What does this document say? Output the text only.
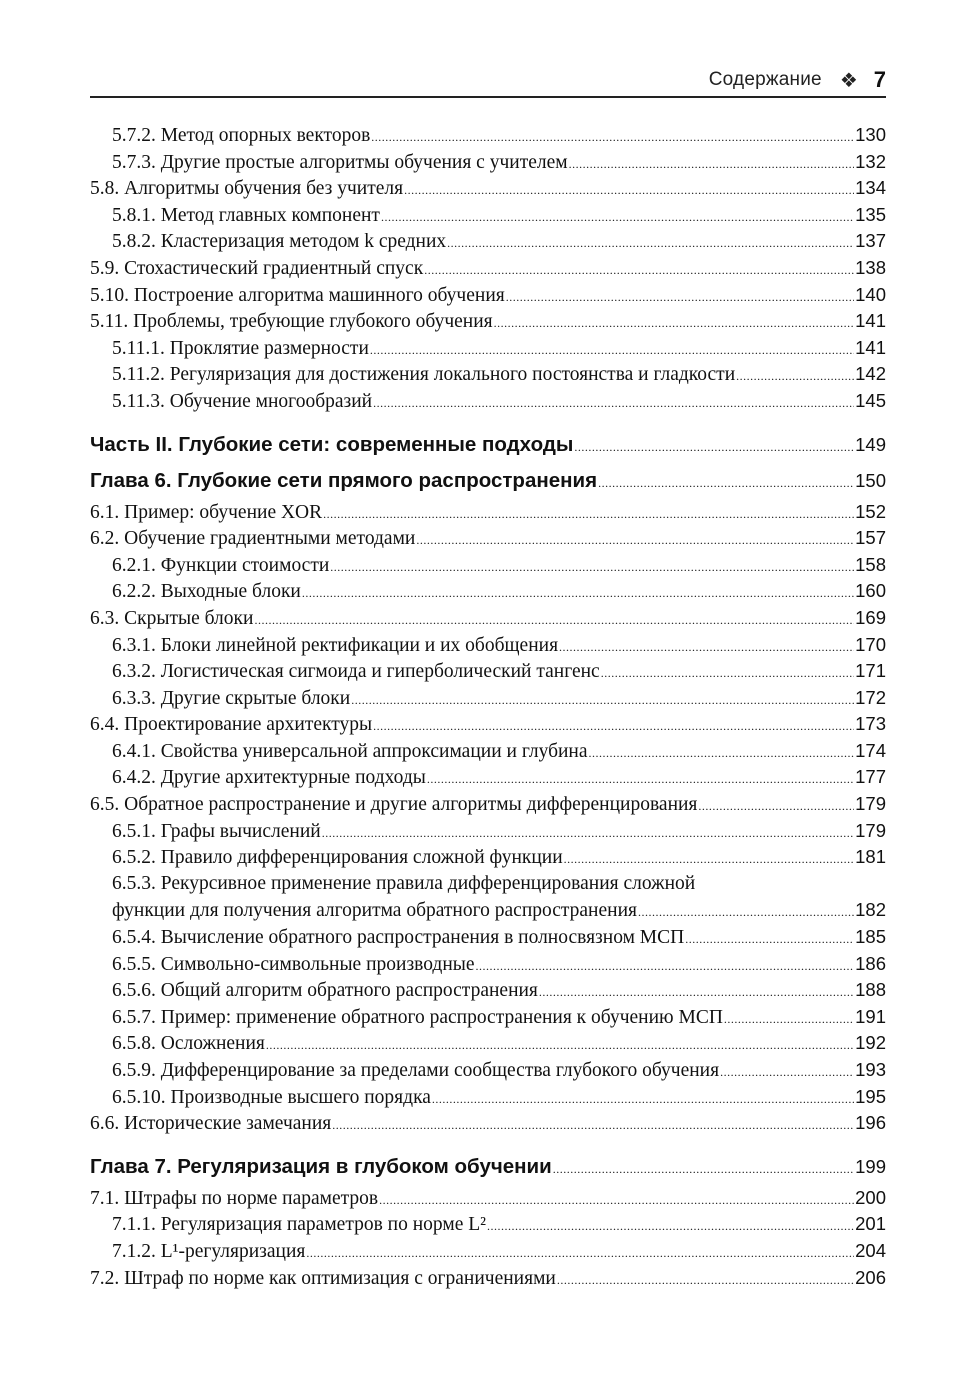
Содержание ❖ 7
5.7.2. Метод опорных векторов .....	130
5.7.3. Другие простые алгоритмы обучения с учителем .....	132
5.8. Алгоритмы обучения без учителя .....	134
5.8.1. Метод главных компонент .....	135
5.8.2. Кластеризация методом k средних .....	137
5.9. Стохастический градиентный спуск .....	138
5.10. Построение алгоритма машинного обучения .....	140
5.11. Проблемы, требующие глубокого обучения .....	141
5.11.1. Проклятие размерности .....	141
5.11.2. Регуляризация для достижения локального постоянства и гладкости .....	142
5.11.3. Обучение многообразий .....	145
Часть II. Глубокие сети: современные подходы .....	149
Глава 6. Глубокие сети прямого распространения .....	150
6.1. Пример: обучение XOR .....	152
6.2. Обучение градиентными методами .....	157
6.2.1. Функции стоимости .....	158
6.2.2. Выходные блоки .....	160
6.3. Скрытые блоки .....	169
6.3.1. Блоки линейной ректификации и их обобщения .....	170
6.3.2. Логистическая сигмоида и гиперболический тангенс .....	171
6.3.3. Другие скрытые блоки .....	172
6.4. Проектирование архитектуры .....	173
6.4.1. Свойства универсальной аппроксимации и глубина .....	174
6.4.2. Другие архитектурные подходы .....	177
6.5. Обратное распространение и другие алгоритмы дифференцирования .....	179
6.5.1. Графы вычислений .....	179
6.5.2. Правило дифференцирования сложной функции .....	181
6.5.3. Рекурсивное применение правила дифференцирования сложной
функции для получения алгоритма обратного распространения .....	182
6.5.4. Вычисление обратного распространения в полносвязном МСП .....	185
6.5.5. Символьно-символьные производные .....	186
6.5.6. Общий алгоритм обратного распространения .....	188
6.5.7. Пример: применение обратного распространения к обучению МСП .....	191
6.5.8. Осложнения .....	192
6.5.9. Дифференцирование за пределами сообщества глубокого обучения .....	193
6.5.10. Производные высшего порядка .....	195
6.6. Исторические замечания .....	196
Глава 7. Регуляризация в глубоком обучении .....	199
7.1. Штрафы по норме параметров .....	200
7.1.1. Регуляризация параметров по норме L² .....	201
7.1.2. L¹-регуляризация .....	204
7.2. Штраф по норме как оптимизация с ограничениями .....	206
